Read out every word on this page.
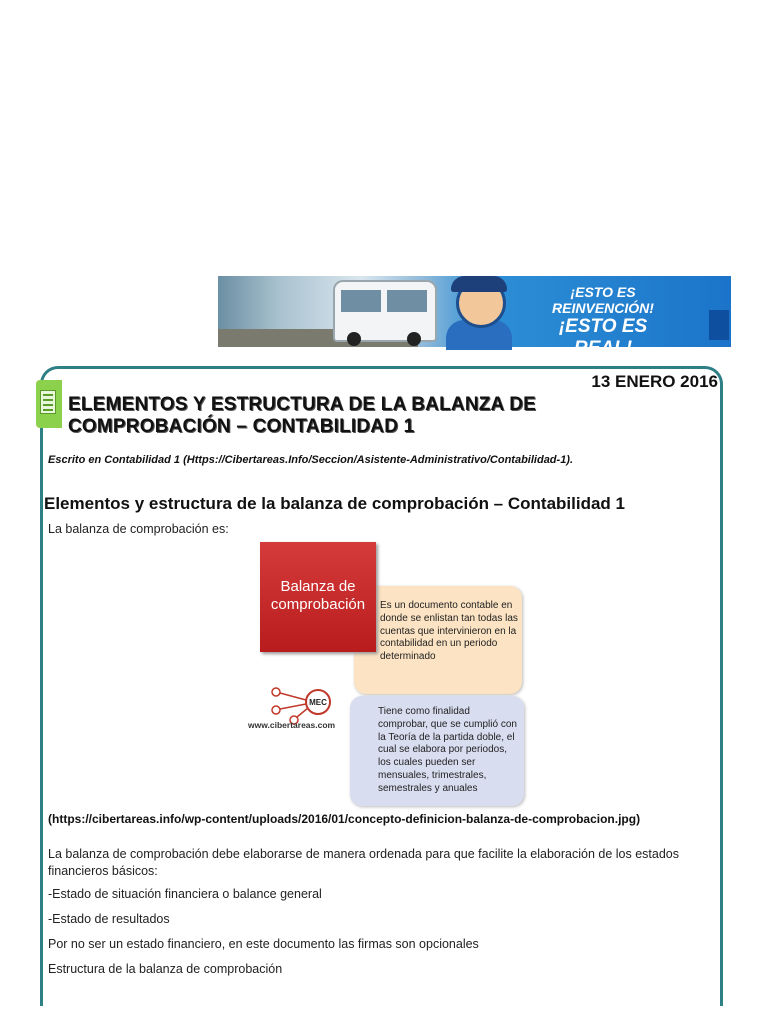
¡ESTO ES REINVENCIÓN!
¡ESTO ES REAL!
13 ENERO 2016
ELEMENTOS Y ESTRUCTURA DE LA BALANZA DE COMPROBACIÓN – CONTABILIDAD 1
Escrito en Contabilidad 1 (Https://Cibertareas.Info/Seccion/Asistente-Administrativo/Contabilidad-1).
Elementos y estructura de la balanza de comprobación – Contabilidad 1
La balanza de comprobación es:
Es un documento contable en donde se enlistan tan todas las cuentas que intervinieron en la contabilidad en un periodo determinado
Tiene como finalidad comprobar, que se cumplió con la Teoría de la partida doble, el cual se elabora por periodos, los cuales pueden ser mensuales, trimestrales, semestrales y anuales
Balanza de comprobación
MEC
www.cibertareas.com
(https://cibertareas.info/wp-content/uploads/2016/01/concepto-definicion-balanza-de-comprobacion.jpg)

La balanza de comprobación debe elaborarse de manera ordenada para que facilite la elaboración de los estados financieros básicos:

-Estado de situación financiera o balance general

-Estado de resultados

Por no ser un estado financiero, en este documento las firmas son opcionales

Estructura de la balanza de comprobación
